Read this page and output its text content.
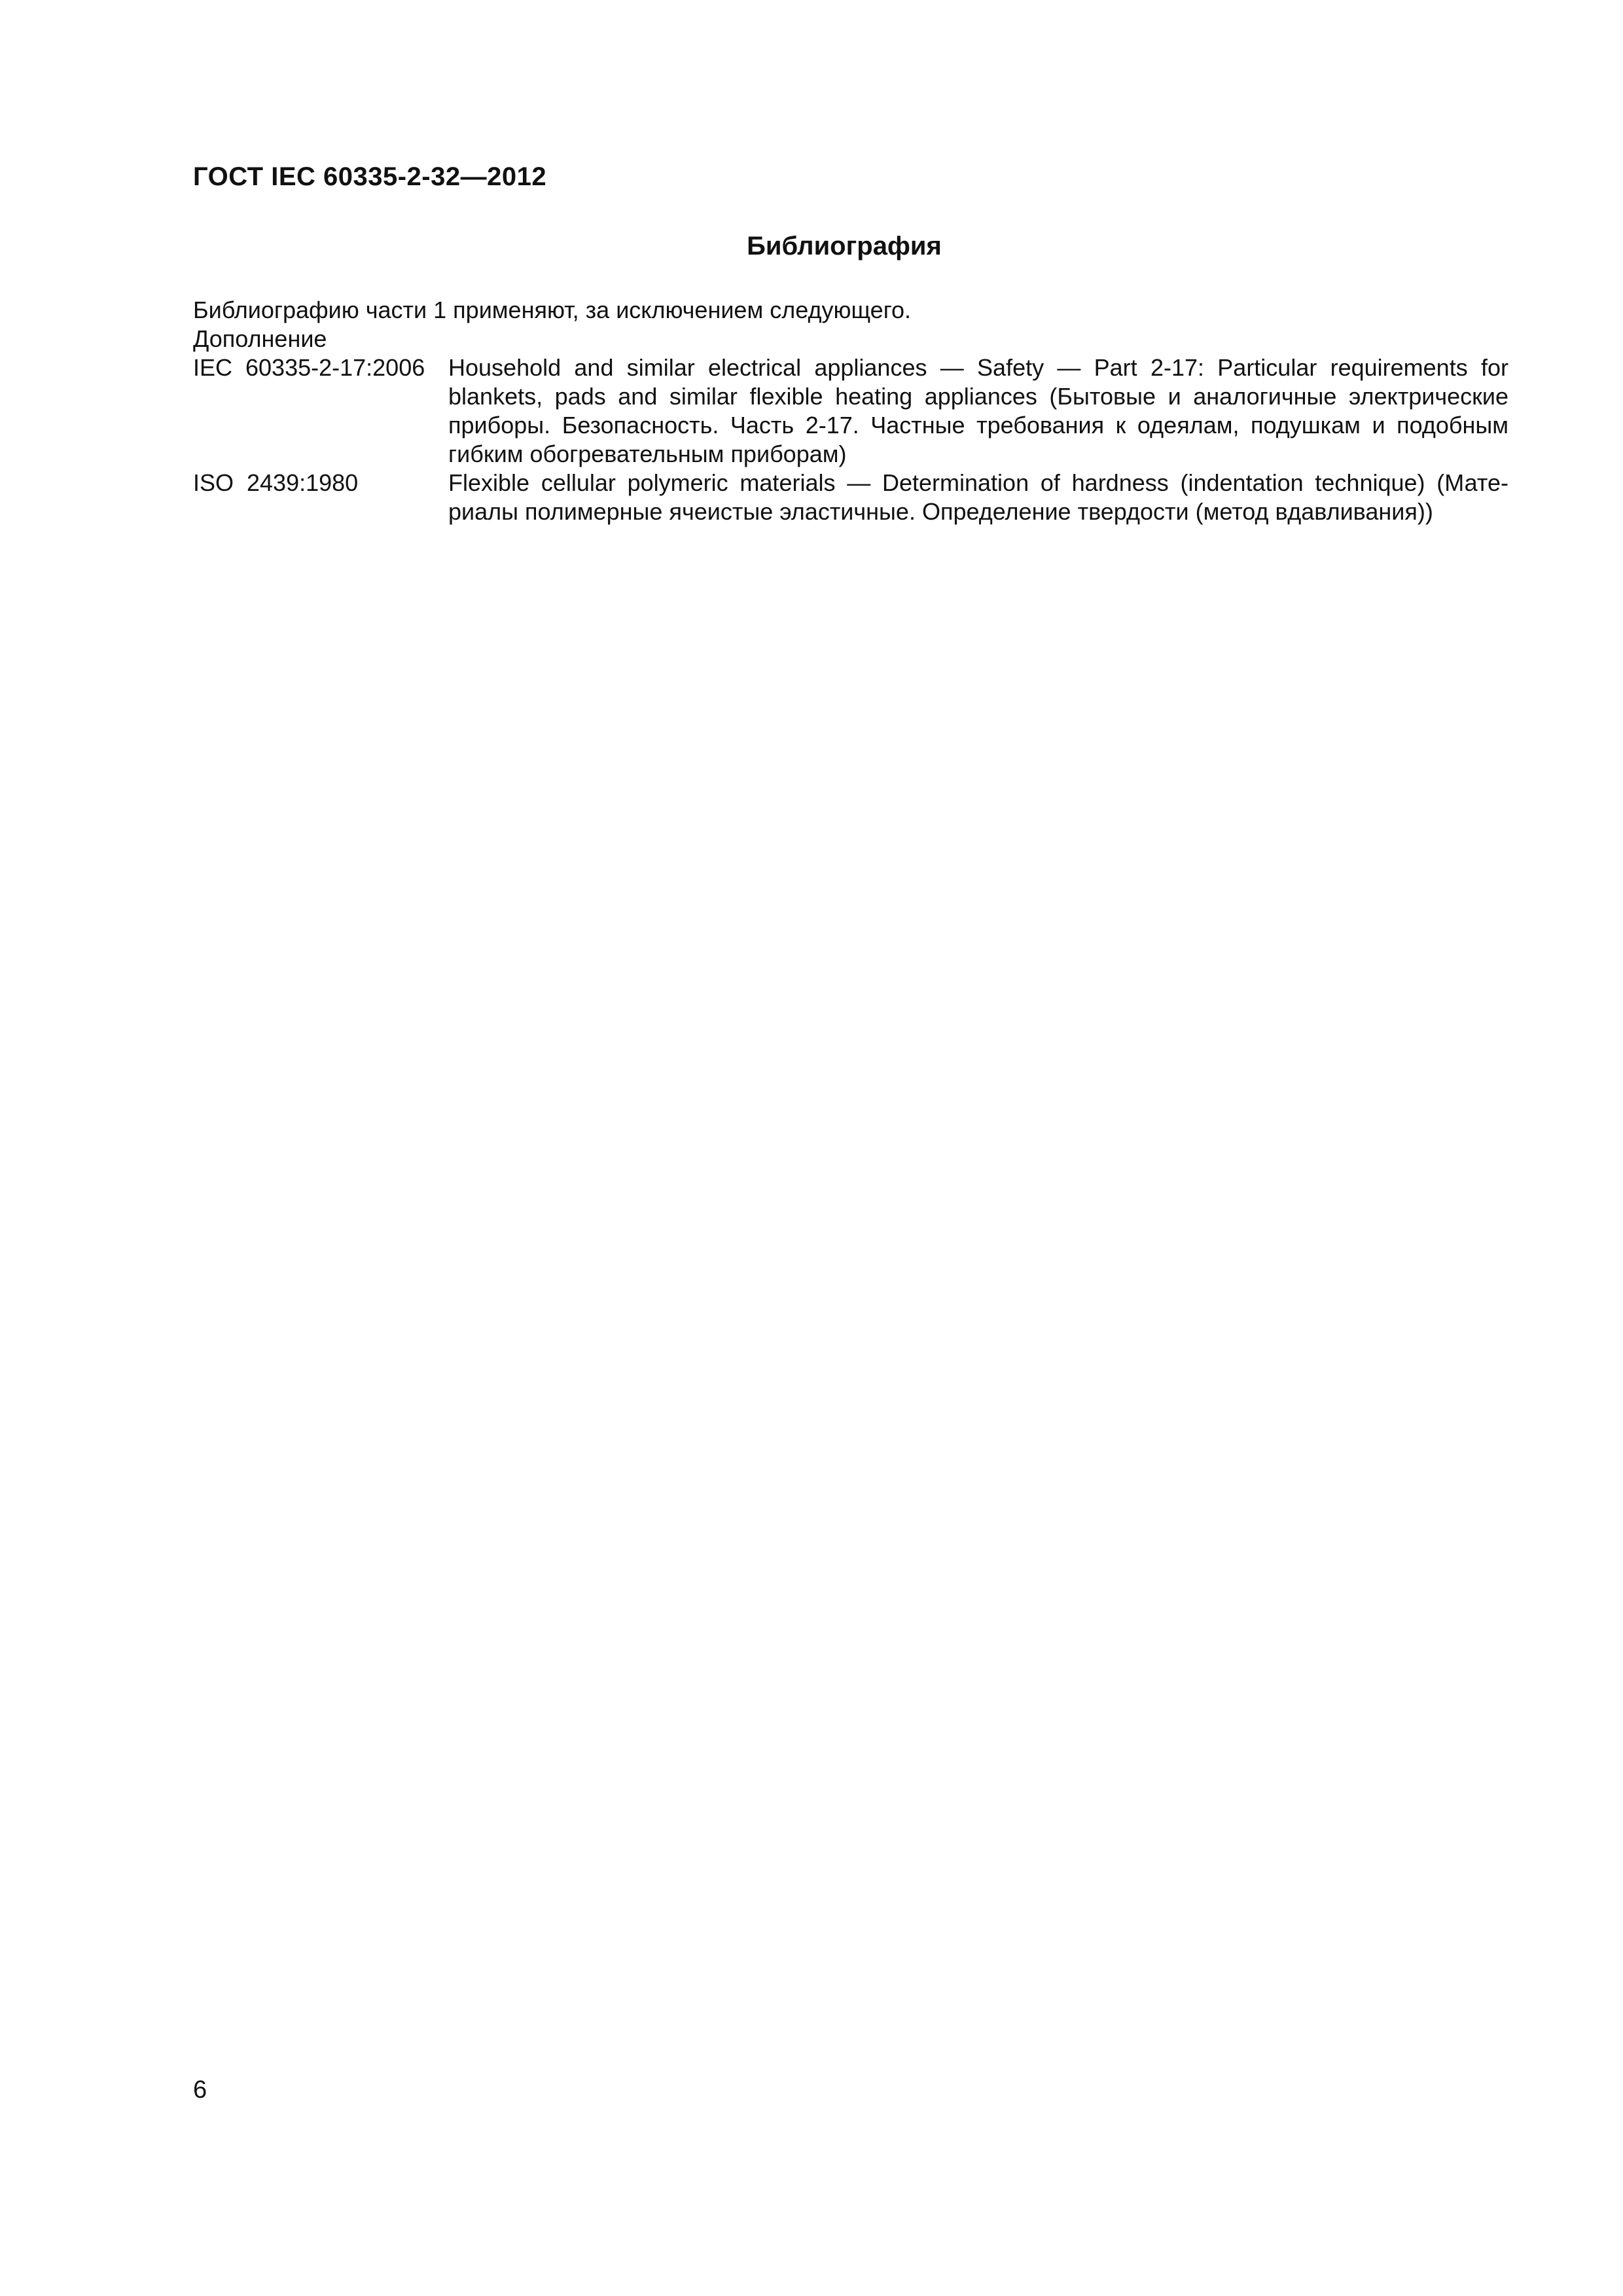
ГОСТ IEC 60335-2-32—2012
Библиография
Библиографию части 1 применяют, за исключением следующего.
Дополнение
IEC 60335-2-17:2006 Household and similar electrical appliances — Safety — Part 2-17: Particular requirements for blankets, pads and similar flexible heating appliances (Бытовые и аналогичные электрические приборы. Безопасность. Часть 2-17. Частные требования к одеялам, подушкам и подобным гибким обогревательным приборам)
ISO 2439:1980	Flexible cellular polymeric materials — Determination of hardness (indentation technique) (Мате-риалы полимерные ячеистые эластичные. Определение твердости (метод вдавливания))
6
